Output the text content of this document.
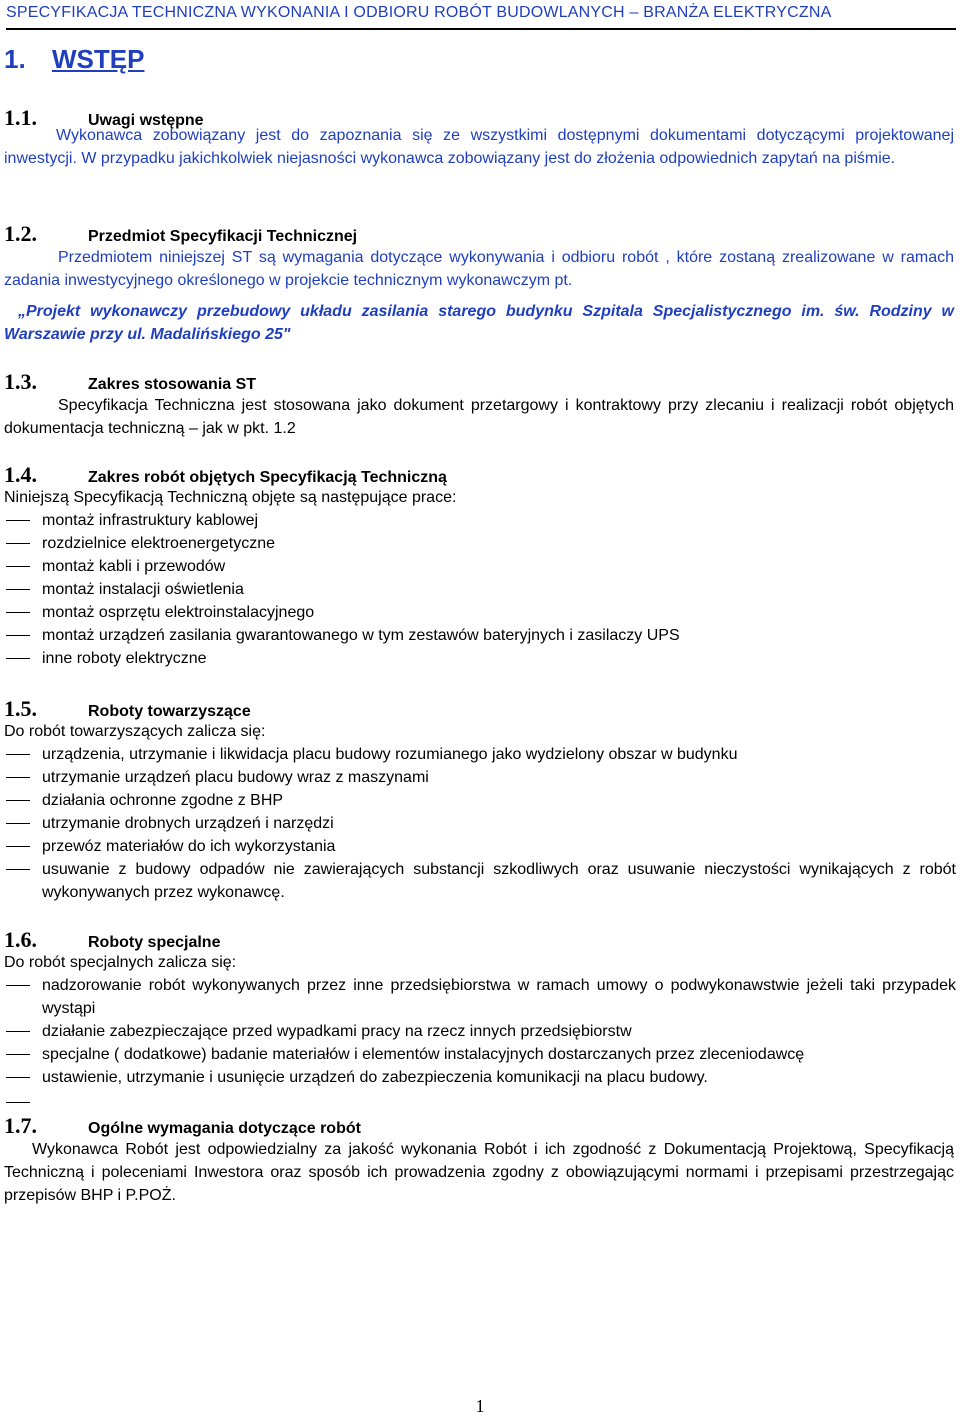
SPECYFIKACJA TECHNICZNA WYKONANIA I ODBIORU ROBÓT BUDOWLANYCH – BRANŻA ELEKTRYCZNA
1. WSTĘP
1.1.	Uwagi wstępne
Wykonawca zobowiązany jest do zapoznania się ze wszystkimi dostępnymi dokumentami dotyczącymi projektowanej inwestycji. W przypadku jakichkolwiek niejasności wykonawca zobowiązany jest do złożenia odpowiednich zapytań na piśmie.
1.2.	Przedmiot Specyfikacji Technicznej
Przedmiotem niniejszej ST są wymagania dotyczące wykonywania i odbioru robót , które zostaną zrealizowane w ramach zadania inwestycyjnego określonego w projekcie technicznym wykonawczym pt.
„Projekt wykonawczy przebudowy układu zasilania starego budynku Szpitala Specjalistycznego im. św. Rodziny w Warszawie przy ul. Madalińskiego 25"
1.3.	Zakres stosowania ST
Specyfikacja Techniczna jest stosowana jako dokument przetargowy i kontraktowy przy zlecaniu i realizacji robót objętych dokumentacja techniczną – jak w pkt. 1.2
1.4.	Zakres robót objętych Specyfikacją Techniczną
Niniejszą Specyfikacją Techniczną objęte są następujące prace:
montaż infrastruktury kablowej
rozdzielnice elektroenergetyczne
montaż kabli i przewodów
montaż instalacji oświetlenia
montaż osprzętu elektroinstalacyjnego
montaż urządzeń zasilania gwarantowanego w tym zestawów bateryjnych i zasilaczy UPS
inne roboty elektryczne
1.5.	Roboty towarzyszące
Do robót towarzyszących zalicza się:
urządzenia, utrzymanie i likwidacja placu budowy rozumianego jako wydzielony obszar w budynku
utrzymanie urządzeń placu budowy wraz z maszynami
działania ochronne zgodne z BHP
utrzymanie drobnych urządzeń i narzędzi
przewóz materiałów do ich wykorzystania
usuwanie z budowy odpadów nie zawierających substancji szkodliwych oraz usuwanie nieczystości wynikających z robót wykonywanych przez wykonawcę.
1.6.	Roboty specjalne
Do robót specjalnych zalicza się:
nadzorowanie robót wykonywanych przez inne przedsiębiorstwa w ramach umowy o podwykonawstwie jeżeli taki przypadek wystąpi
działanie zabezpieczające przed wypadkami pracy na rzecz innych przedsiębiorstw
specjalne ( dodatkowe) badanie materiałów i elementów instalacyjnych dostarczanych przez zleceniodawcę
ustawienie, utrzymanie i usunięcie urządzeń do zabezpieczenia komunikacji na placu budowy.
1.7.	Ogólne wymagania dotyczące robót
Wykonawca Robót jest odpowiedzialny za jakość wykonania Robót i ich zgodność z Dokumentacją Projektową, Specyfikacją Techniczną i poleceniami Inwestora oraz sposób ich prowadzenia zgodny z obowiązującymi normami i przepisami przestrzegając przepisów BHP i P.POŻ.
1
